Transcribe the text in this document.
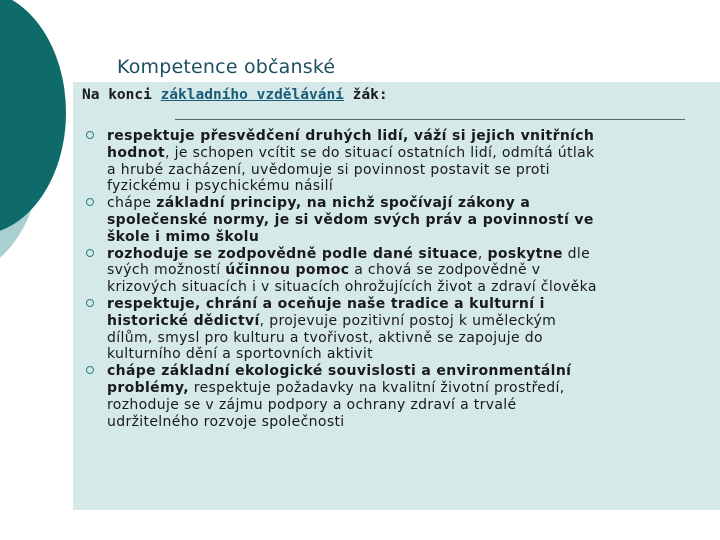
Kompetence občanské
Na konci základního vzdělávání žák:
respektuje přesvědčení druhých lidí, váží si jejich vnitřních
hodnot, je schopen vcítit se do situací ostatních lidí, odmítá útlak
a hrubé zacházení, uvědomuje si povinnost postavit se proti
fyzickému i psychickému násilí
chápe základní principy, na nichž spočívají zákony a
společenské normy, je si vědom svých práv a povinností ve
škole i mimo školu
rozhoduje se zodpovědně podle dané situace, poskytne dle
svých možností účinnou pomoc a chová se zodpovědně v
krizových situacích i v situacích ohrožujících život a zdraví člověka
respektuje, chrání a oceňuje naše tradice a kulturní i
historické dědictví, projevuje pozitivní postoj k uměleckým
dílům, smysl pro kulturu a tvořivost, aktivně se zapojuje do
kulturního dění a sportovních aktivit
chápe základní ekologické souvislosti a environmentální
problémy, respektuje požadavky na kvalitní životní prostředí,
rozhoduje se v zájmu podpory a ochrany zdraví a trvalé
udržitelného rozvoje společnosti
